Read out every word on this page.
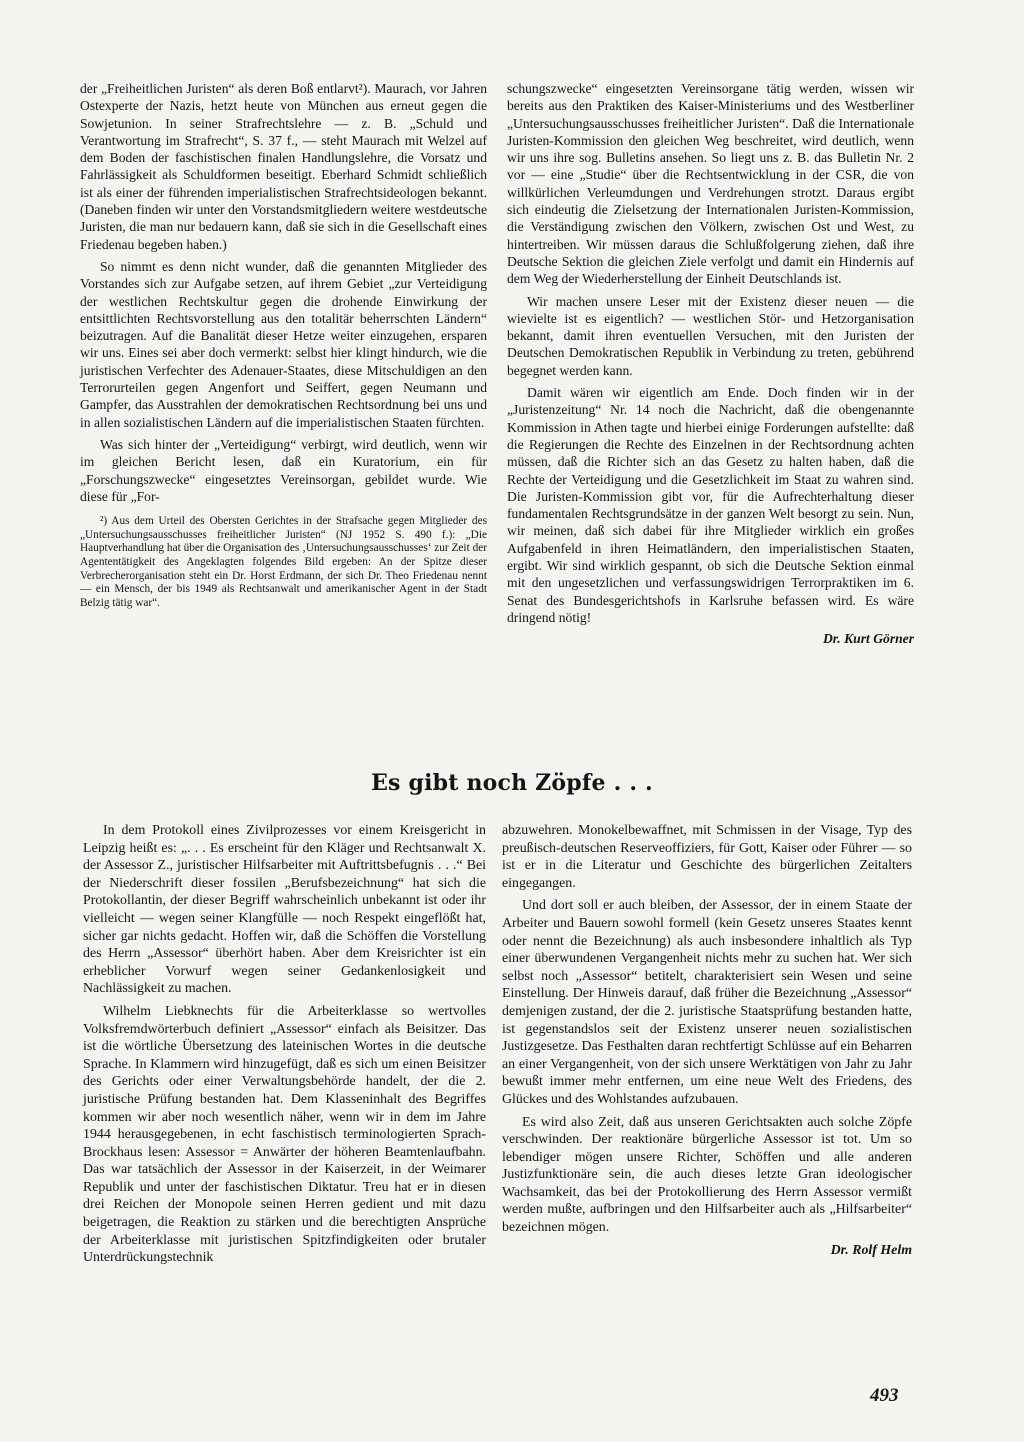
der „Freiheitlichen Juristen“ als deren Boß entlarvt²). Maurach, vor Jahren Ostexperte der Nazis, hetzt heute von München aus erneut gegen die Sowjetunion. In seiner Strafrechtslehre — z. B. „Schuld und Verantwortung im Strafrecht“, S. 37 f., — steht Maurach mit Welzel auf dem Boden der faschistischen finalen Handlungslehre, die Vorsatz und Fahrlässigkeit als Schuldformen beseitigt. Eberhard Schmidt schließlich ist als einer der führenden imperialistischen Strafrechtsideologen bekannt. (Daneben finden wir unter den Vorstandsmitgliedern weitere westdeutsche Juristen, die man nur bedauern kann, daß sie sich in die Gesellschaft eines Friedenau begeben haben.)

So nimmt es denn nicht wunder, daß die genannten Mitglieder des Vorstandes sich zur Aufgabe setzen, auf ihrem Gebiet „zur Verteidigung der westlichen Rechtskultur gegen die drohende Einwirkung der entsittlichten Rechtsvorstellung aus den totalitär beherrschten Ländern“ beizutragen. Auf die Banalität dieser Hetze weiter einzugehen, ersparen wir uns. Eines sei aber doch vermerkt: selbst hier klingt hindurch, wie die juristischen Verfechter des Adenauer-Staates, diese Mitschuldigen an den Terrorurteilen gegen Angenfort und Seiffert, gegen Neumann und Gampfer, das Ausstrahlen der demokratischen Rechtsordnung bei uns und in allen sozialistischen Ländern auf die imperialistischen Staaten fürchten.

Was sich hinter der „Verteidigung“ verbirgt, wird deutlich, wenn wir im gleichen Bericht lesen, daß ein Kuratorium, ein für „Forschungszwecke“ eingesetztes Vereinsorgan, gebildet wurde. Wie diese für „For-

²) Aus dem Urteil des Obersten Gerichtes in der Strafsache gegen Mitglieder des „Untersuchungsausschusses freiheitlicher Juristen“ (NJ 1952 S. 490 f.): „Die Hauptverhandlung hat über die Organisation des ‚Untersuchungsausschusses‘ zur Zeit der Agententätigkeit des Angeklagten folgendes Bild ergeben: An der Spitze dieser Verbrecherorganisation steht ein Dr. Horst Erdmann, der sich Dr. Theo Friedenau nennt — ein Mensch, der bis 1949 als Rechtsanwalt und amerikanischer Agent in der Stadt Belzig tätig war“.

schungszwecke“ eingesetzten Vereinsorgane tätig werden, wissen wir bereits aus den Praktiken des Kaiser-Ministeriums und des Westberliner „Untersuchungsausschusses freiheitlicher Juristen“. Daß die Internationale Juristen-Kommission den gleichen Weg beschreitet, wird deutlich, wenn wir uns ihre sog. Bulletins ansehen. So liegt uns z. B. das Bulletin Nr. 2 vor — eine „Studie“ über die Rechtsentwicklung in der CSR, die von willkürlichen Verleumdungen und Verdrehungen strotzt. Daraus ergibt sich eindeutig die Zielsetzung der Internationalen Juristen-Kommission, die Verständigung zwischen den Völkern, zwischen Ost und West, zu hintertreiben. Wir müssen daraus die Schlußfolgerung ziehen, daß ihre Deutsche Sektion die gleichen Ziele verfolgt und damit ein Hindernis auf dem Weg der Wiederherstellung der Einheit Deutschlands ist.

Wir machen unsere Leser mit der Existenz dieser neuen — die wievielte ist es eigentlich? — westlichen Stör- und Hetzorganisation bekannt, damit ihren eventuellen Versuchen, mit den Juristen der Deutschen Demokratischen Republik in Verbindung zu treten, gebührend begegnet werden kann.

Damit wären wir eigentlich am Ende. Doch finden wir in der „Juristenzeitung“ Nr. 14 noch die Nachricht, daß die obengenannte Kommission in Athen tagte und hierbei einige Forderungen aufstellte: daß die Regierungen die Rechte des Einzelnen in der Rechtsordnung achten müssen, daß die Richter sich an das Gesetz zu halten haben, daß die Rechte der Verteidigung und die Gesetzlichkeit im Staat zu wahren sind. Die Juristen-Kommission gibt vor, für die Aufrechterhaltung dieser fundamentalen Rechtsgrundsätze in der ganzen Welt besorgt zu sein. Nun, wir meinen, daß sich dabei für ihre Mitglieder wirklich ein großes Aufgabenfeld in ihren Heimatländern, den imperialistischen Staaten, ergibt. Wir sind wirklich gespannt, ob sich die Deutsche Sektion einmal mit den ungesetzlichen und verfassungswidrigen Terrorpraktiken im 6. Senat des Bundesgerichtshofs in Karlsruhe befassen wird. Es wäre dringend nötig!

Dr. Kurt Görner
Es gibt noch Zöpfe . . .

In dem Protokoll eines Zivilprozesses vor einem Kreisgericht in Leipzig heißt es: „. . . Es erscheint für den Kläger und Rechtsanwalt X. der Assessor Z., juristischer Hilfsarbeiter mit Auftrittsbefugnis . . .“ Bei der Niederschrift dieser fossilen „Berufsbezeichnung“ hat sich die Protokollantin, der dieser Begriff wahrscheinlich unbekannt ist oder ihr vielleicht — wegen seiner Klangfülle — noch Respekt eingeflößt hat, sicher gar nichts gedacht. Hoffen wir, daß die Schöffen die Vorstellung des Herrn „Assessor“ überhört haben. Aber dem Kreisrichter ist ein erheblicher Vorwurf wegen seiner Gedankenlosigkeit und Nachlässigkeit zu machen.

Wilhelm Liebknechts für die Arbeiterklasse so wertvolles Volksfremdwörterbuch definiert „Assessor“ einfach als Beisitzer. Das ist die wörtliche Übersetzung des lateinischen Wortes in die deutsche Sprache. In Klammern wird hinzugefügt, daß es sich um einen Beisitzer des Gerichts oder einer Verwaltungsbehörde handelt, der die 2. juristische Prüfung bestanden hat. Dem Klasseninhalt des Begriffes kommen wir aber noch wesentlich näher, wenn wir in dem im Jahre 1944 herausgegebenen, in echt faschistisch terminologierten Sprach-Brockhaus lesen: Assessor = Anwärter der höheren Beamtenlaufbahn. Das war tatsächlich der Assessor in der Kaiserzeit, in der Weimarer Republik und unter der faschistischen Diktatur. Treu hat er in diesen drei Reichen der Monopole seinen Herren gedient und mit dazu beigetragen, die Reaktion zu stärken und die berechtigten Ansprüche der Arbeiterklasse mit juristischen Spitzfindigkeiten oder brutaler Unterdrückungstechnik

abzuwehren. Monokelbewaffnet, mit Schmissen in der Visage, Typ des preußisch-deutschen Reserveoffiziers, für Gott, Kaiser oder Führer — so ist er in die Literatur und Geschichte des bürgerlichen Zeitalters eingegangen.

Und dort soll er auch bleiben, der Assessor, der in einem Staate der Arbeiter und Bauern sowohl formell (kein Gesetz unseres Staates kennt oder nennt die Bezeichnung) als auch insbesondere inhaltlich als Typ einer überwundenen Vergangenheit nichts mehr zu suchen hat. Wer sich selbst noch „Assessor“ betitelt, charakterisiert sein Wesen und seine Einstellung. Der Hinweis darauf, daß früher die Bezeichnung „Assessor“ demjenigen zustand, der die 2. juristische Staatsprüfung bestanden hatte, ist gegenstandslos seit der Existenz unserer neuen sozialistischen Justizgesetze. Das Festhalten daran rechtfertigt Schlüsse auf ein Beharren an einer Vergangenheit, von der sich unsere Werktätigen von Jahr zu Jahr bewußt immer mehr entfernen, um eine neue Welt des Friedens, des Glückes und des Wohlstandes aufzubauen.

Es wird also Zeit, daß aus unseren Gerichtsakten auch solche Zöpfe verschwinden. Der reaktionäre bürgerliche Assessor ist tot. Um so lebendiger mögen unsere Richter, Schöffen und alle anderen Justizfunktionäre sein, die auch dieses letzte Gran ideologischer Wachsamkeit, das bei der Protokollierung des Herrn Assessor vermißt werden mußte, aufbringen und den Hilfsarbeiter auch als „Hilfsarbeiter“ bezeichnen mögen.

Dr. Rolf Helm
493
